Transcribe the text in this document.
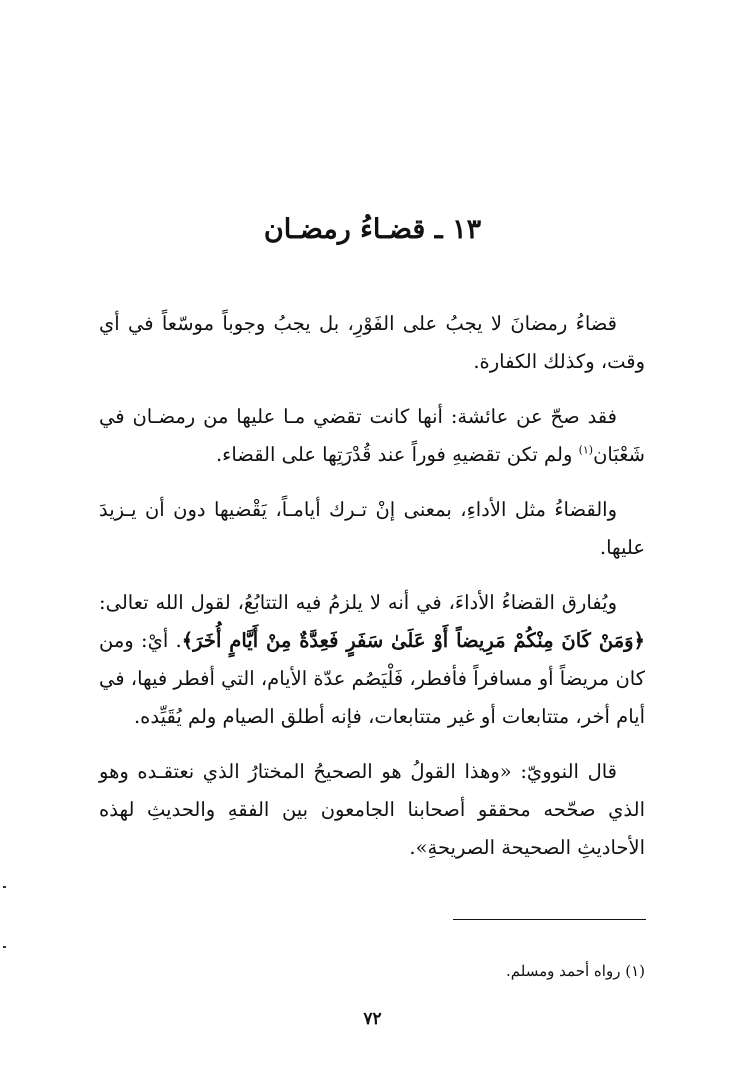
١٣ ـ قضـاءُ رمضـان

قضاءُ رمضانَ لا يجبُ على الفَوْرِ، بل يجبُ وجوباً موسّعاً في أي وقت، وكذلك الكفارة.

فقد صحّ عن عائشة: أنها كانت تقضي مـا عليها من رمضـان في شَعْبَان$^{(١)}$ ولم تكن تقضيهِ فوراً عند قُدْرَتِها على القضاء.

والقضاءُ مثل الأداءِ، بمعنى إنْ تـرك أيامـاً، يَقْضيها دون أن يـزيدَ عليها.

ويُفارق القضاءُ الأداءَ، في أنه لا يلزمُ فيه التتابُعُ، لقول الله تعالى: ﴿وَمَنْ كَانَ مِنْكُمْ مَرِيضاً أَوْ عَلَىٰ سَفَرٍ فَعِدَّةٌ مِنْ أَيَّامٍ أُخَرَ﴾. أيْ: ومن كان مريضاً أو مسافراً فأفطر، فَلْيَصُم عدّة الأيام، التي أفطر فيها، في أيام أخر، متتابعات أو غير متتابعات، فإنه أطلق الصيام ولم يُقَيِّده.

قال النوويّ: «وهذا القولُ هو الصحيحُ المختارُ الذي نعتقـده وهو الذي صحّحه محققو أصحابنا الجامعون بين الفقهِ والحديثِ لهذه الأحاديثِ الصحيحة الصريحةِ».

(١) رواه أحمد ومسلم.
٧٢
